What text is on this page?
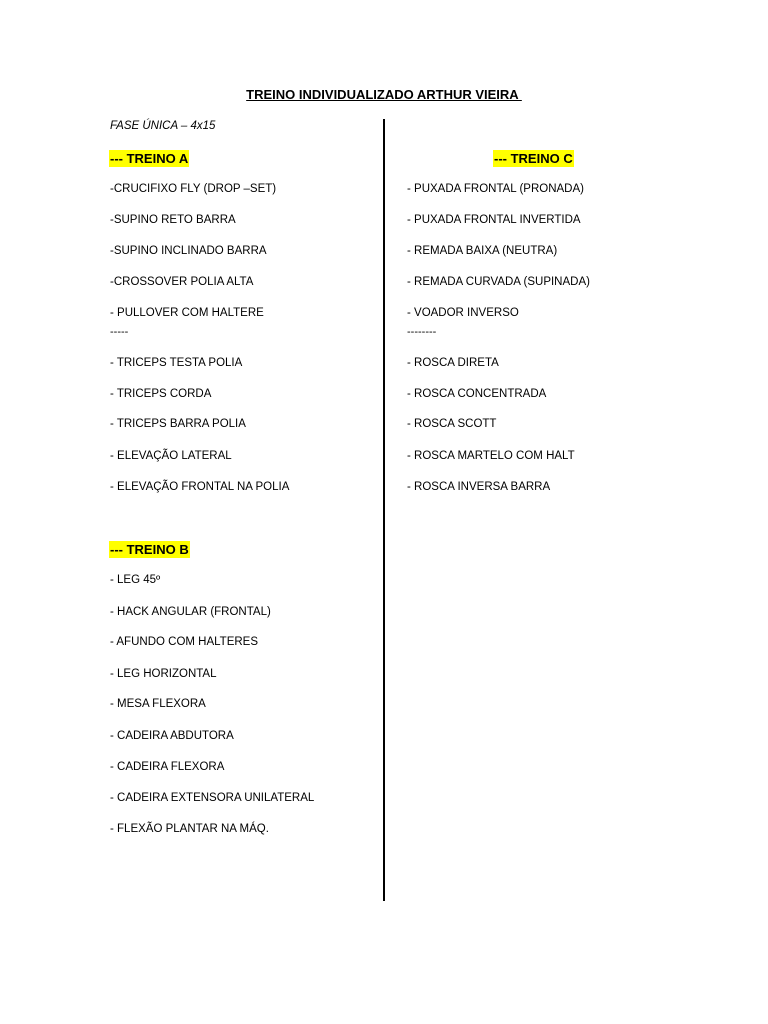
TREINO INDIVIDUALIZADO ARTHUR VIEIRA
FASE ÚNICA – 4x15
--- TREINO A
-CRUCIFIXO FLY (DROP –SET)
-SUPINO RETO BARRA
-SUPINO INCLINADO BARRA
-CROSSOVER POLIA ALTA
- PULLOVER COM HALTERE
-----
- TRICEPS TESTA POLIA
- TRICEPS CORDA
- TRICEPS BARRA POLIA
- ELEVAÇÃO LATERAL
- ELEVAÇÃO FRONTAL NA POLIA
--- TREINO B
- LEG 45º
- HACK ANGULAR (FRONTAL)
- AFUNDO COM HALTERES
- LEG HORIZONTAL
- MESA FLEXORA
- CADEIRA ABDUTORA
- CADEIRA FLEXORA
- CADEIRA EXTENSORA UNILATERAL
- FLEXÃO PLANTAR NA MÁQ.
--- TREINO C
- PUXADA FRONTAL (PRONADA)
- PUXADA FRONTAL INVERTIDA
- REMADA BAIXA (NEUTRA)
- REMADA CURVADA (SUPINADA)
- VOADOR INVERSO
--------
- ROSCA DIRETA
- ROSCA CONCENTRADA
- ROSCA SCOTT
- ROSCA MARTELO COM HALT
- ROSCA INVERSA BARRA
